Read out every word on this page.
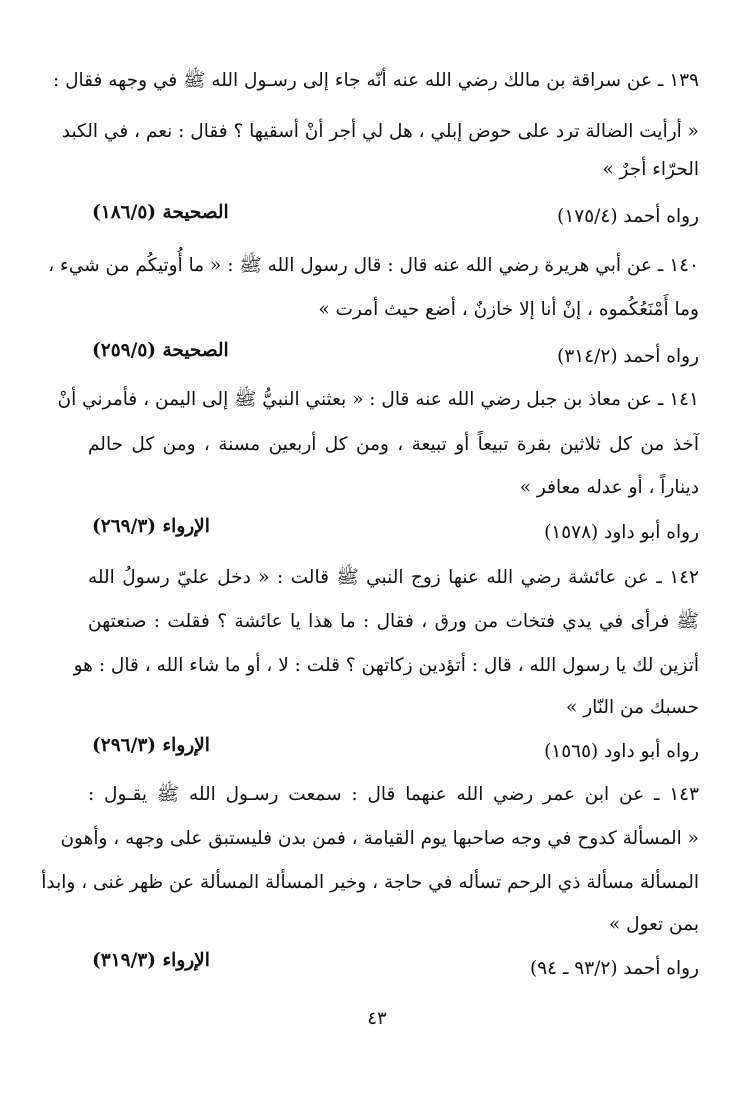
١٣٩ ـ عن سراقة بن مالك رضي الله عنه أنّه جاء إلى رسـول الله ﷺ في وجهه فقال :
« أرأيت الضالة ترد على حوض إبلي ، هل لي أجر أنْ أسقيها ؟ فقال : نعم ، في الكبد
الحرّاء أجرٌ »
رواه أحمد (١٧٥/٤)
الصحيحة (١٨٦/٥)
١٤٠ ـ عن أبي هريرة رضي الله عنه قال : قال رسول الله ﷺ : « ما أُوتيكُم من شيء ،
وما أَمْنَعُكُموه ، إنْ أنا إلا خازنٌ ، أضع حيث أمرت »
رواه أحمد (٣١٤/٢)
الصحيحة (٢٥٩/٥)
١٤١ ـ عن معاذ بن جبل رضي الله عنه قال : « بعثني النبيُّ ﷺ إلى اليمن ، فأمرني أنْ
آخذ من كل ثلاثين بقرة تبيعاً أو تبيعة ، ومن كل أربعين مسنة ، ومن كل حالم
ديناراً ، أو عدله معافر »
رواه أبو داود (١٥٧٨)
الإرواء (٢٦٩/٣)
١٤٢ ـ عن عائشة رضي الله عنها زوج النبي ﷺ قالت : « دخل عليّ رسولُ الله
ﷺ فرأى في يدي فتخات من ورق ، فقال : ما هذا يا عائشة ؟ فقلت : صنعتهن
أتزين لك يا رسول الله ، قال : أتؤدين زكاتهن ؟ قلت : لا ، أو ما شاء الله ، قال : هو
حسبك من النّار »
رواه أبو داود (١٥٦٥)
الإرواء (٢٩٦/٣)
١٤٣ ـ عن ابن عمر رضي الله عنهما قال : سمعت رسـول الله ﷺ يقـول :
« المسألة كدوح في وجه صاحبها يوم القيامة ، فمن بدن فليستبق على وجهه ، وأهون
المسألة مسألة ذي الرحم تسأله في حاجة ، وخير المسألة المسألة عن ظهر غنى ، وابدأ
بمن تعول »
رواه أحمد (٩٣/٢ ـ ٩٤)
الإرواء (٣١٩/٣)
٤٣
